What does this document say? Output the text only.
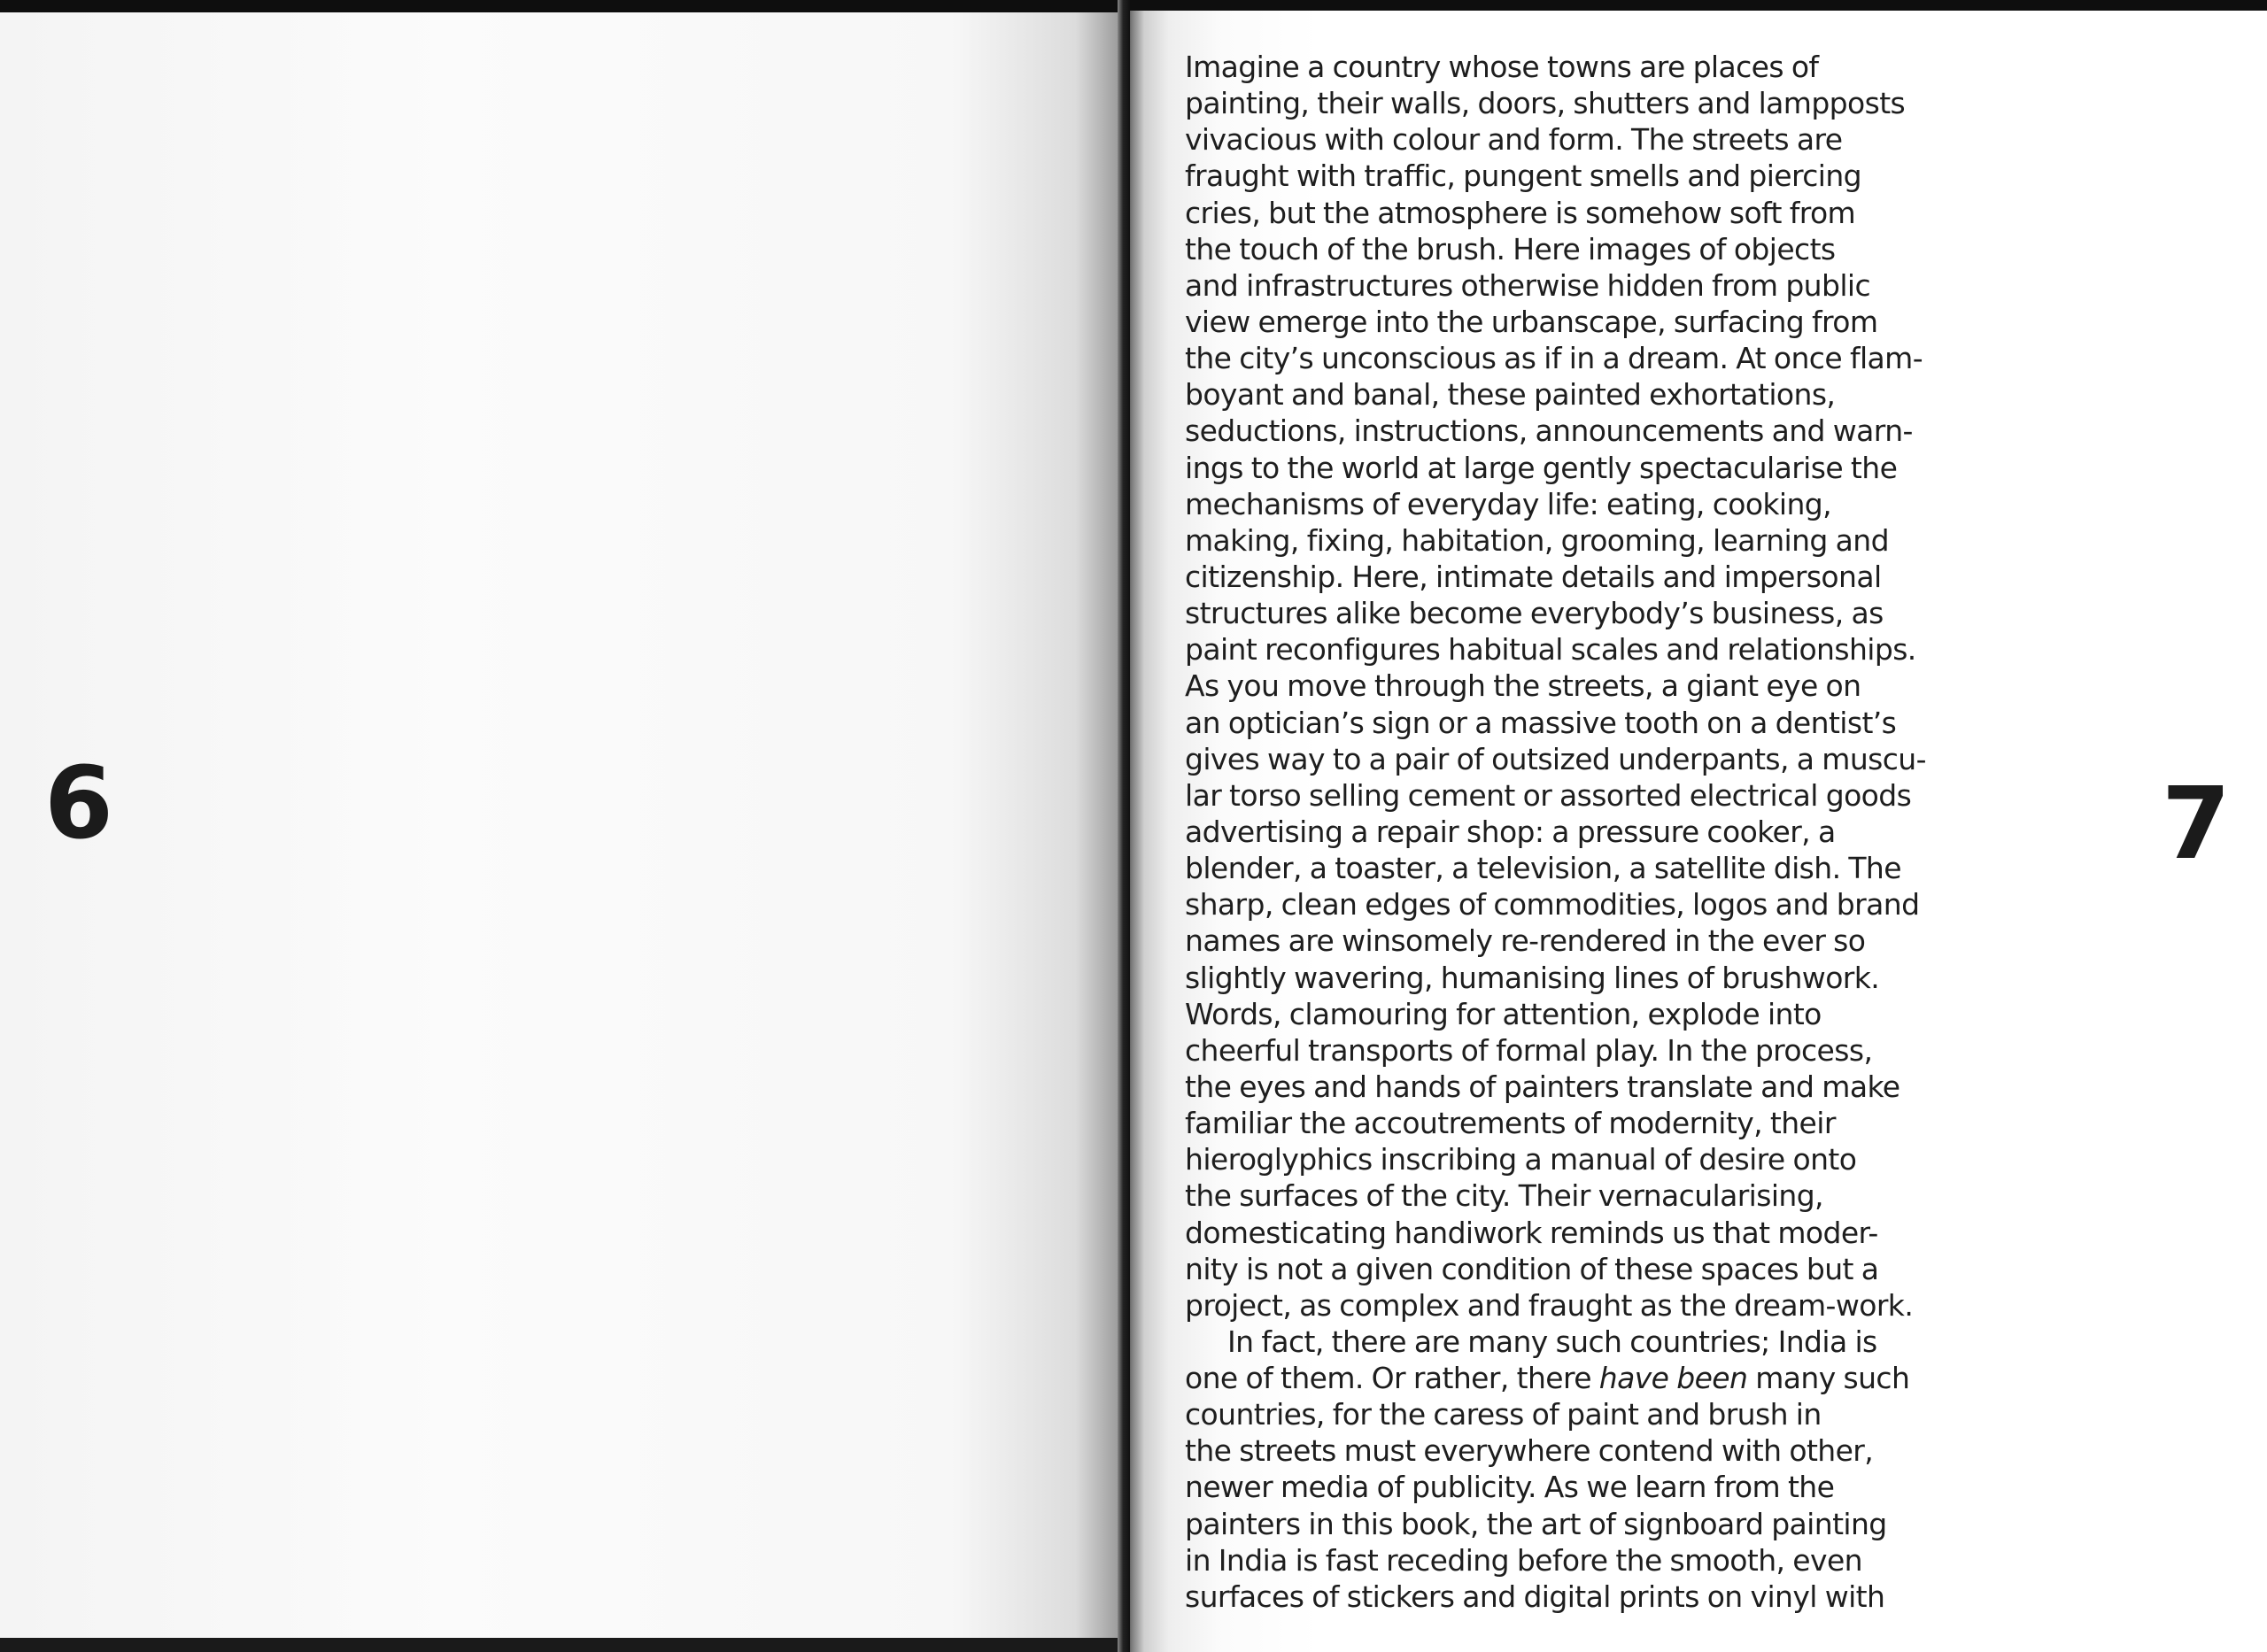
6
Imagine a country whose towns are places of
painting, their walls, doors, shutters and lampposts
vivacious with colour and form. The streets are
fraught with traffic, pungent smells and piercing
cries, but the atmosphere is somehow soft from
the touch of the brush. Here images of objects
and infrastructures otherwise hidden from public
view emerge into the urbanscape, surfacing from
the city’s unconscious as if in a dream. At once flam-
boyant and banal, these painted exhortations,
seductions, instructions, announcements and warn-
ings to the world at large gently spectacularise the
mechanisms of everyday life: eating, cooking,
making, fixing, habitation, grooming, learning and
citizenship. Here, intimate details and impersonal
structures alike become everybody’s business, as
paint reconfigures habitual scales and relationships.
As you move through the streets, a giant eye on
an optician’s sign or a massive tooth on a dentist’s
gives way to a pair of outsized underpants, a muscu-
lar torso selling cement or assorted electrical goods
advertising a repair shop: a pressure cooker, a
blender, a toaster, a television, a satellite dish. The
sharp, clean edges of commodities, logos and brand
names are winsomely re-rendered in the ever so
slightly wavering, humanising lines of brushwork.
Words, clamouring for attention, explode into
cheerful transports of formal play. In the process,
the eyes and hands of painters translate and make
familiar the accoutrements of modernity, their
hieroglyphics inscribing a manual of desire onto
the surfaces of the city. Their vernacularising,
domesticating handiwork reminds us that moder-
nity is not a given condition of these spaces but a
project, as complex and fraught as the dream-work.
In fact, there are many such countries; India is
one of them. Or rather, there have been many such
countries, for the caress of paint and brush in
the streets must everywhere contend with other,
newer media of publicity. As we learn from the
painters in this book, the art of signboard painting
in India is fast receding before the smooth, even
surfaces of stickers and digital prints on vinyl with
7
